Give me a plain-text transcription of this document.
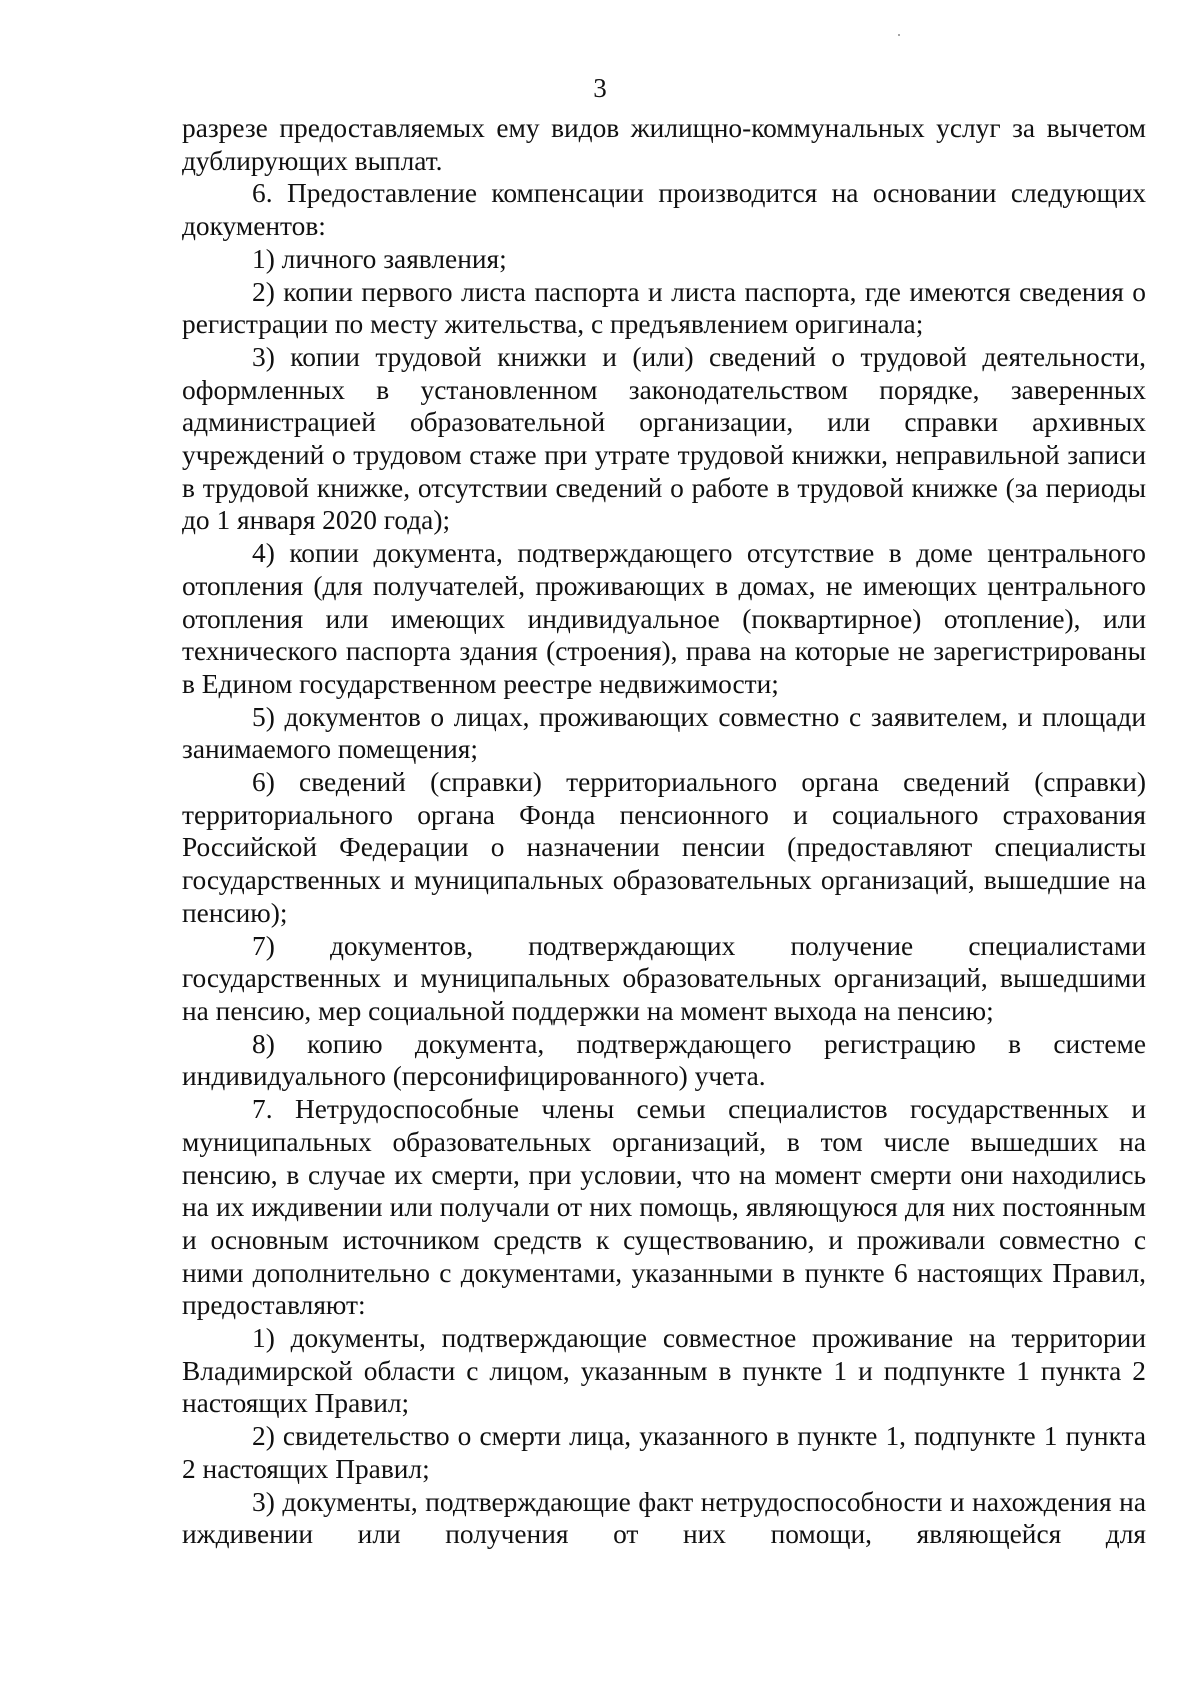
3

разрезе предоставляемых ему видов жилищно-коммунальных услуг за вычетом дублирующих выплат.

6. Предоставление компенсации производится на основании следующих документов:

1) личного заявления;

2) копии первого листа паспорта и листа паспорта, где имеются сведения о регистрации по месту жительства, с предъявлением оригинала;

3) копии трудовой книжки и (или) сведений о трудовой деятельности, оформленных в установленном законодательством порядке, заверенных администрацией образовательной организации, или справки архивных учреждений о трудовом стаже при утрате трудовой книжки, неправильной записи в трудовой книжке, отсутствии сведений о работе в трудовой книжке (за периоды до 1 января 2020 года);

4) копии документа, подтверждающего отсутствие в доме центрального отопления (для получателей, проживающих в домах, не имеющих центрального отопления или имеющих индивидуальное (поквартирное) отопление), или технического паспорта здания (строения), права на которые не зарегистрированы в Едином государственном реестре недвижимости;

5) документов о лицах, проживающих совместно с заявителем, и площади занимаемого помещения;

6) сведений (справки) территориального органа сведений (справки) территориального органа Фонда пенсионного и социального страхования Российской Федерации о назначении пенсии (предоставляют специалисты государственных и муниципальных образовательных организаций, вышедшие на пенсию);

7) документов, подтверждающих получение специалистами государственных и муниципальных образовательных организаций, вышедшими на пенсию, мер социальной поддержки на момент выхода на пенсию;

8) копию документа, подтверждающего регистрацию в системе индивидуального (персонифицированного) учета.

7. Нетрудоспособные члены семьи специалистов государственных и муниципальных образовательных организаций, в том числе вышедших на пенсию, в случае их смерти, при условии, что на момент смерти они находились на их иждивении или получали от них помощь, являющуюся для них постоянным и основным источником средств к существованию, и проживали совместно с ними дополнительно с документами, указанными в пункте 6 настоящих Правил, предоставляют:

1) документы, подтверждающие совместное проживание на территории Владимирской области с лицом, указанным в пункте 1 и подпункте 1 пункта 2 настоящих Правил;

2) свидетельство о смерти лица, указанного в пункте 1, подпункте 1 пункта 2 настоящих Правил;

3) документы, подтверждающие факт нетрудоспособности и нахождения на иждивении или получения от них помощи, являющейся для
